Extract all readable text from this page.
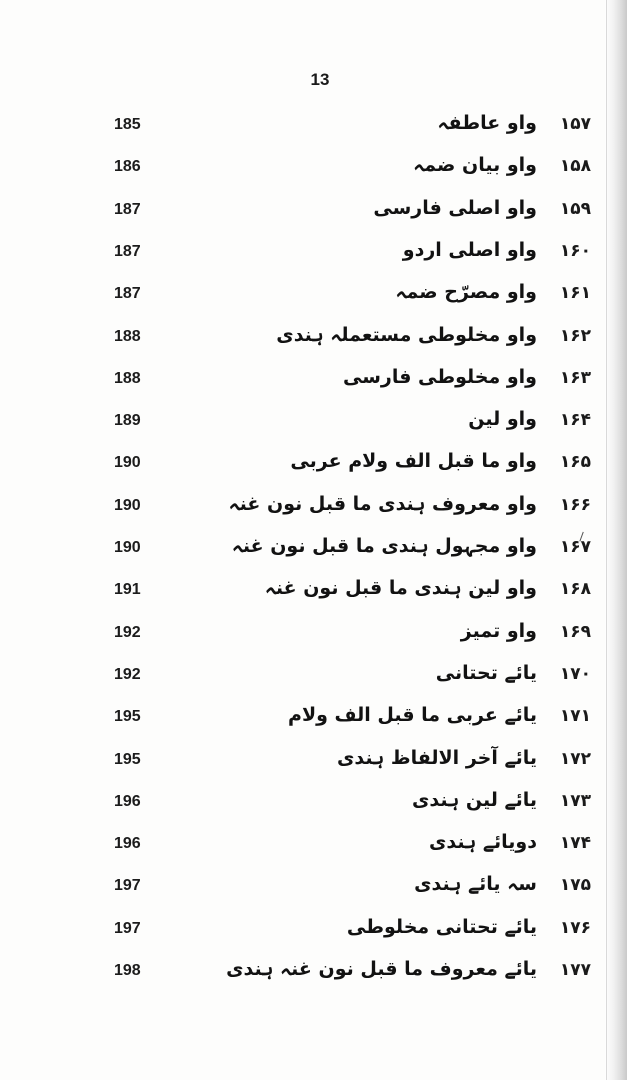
13
185	واو عاطفہ	۱۵۷
186	واو بیان ضمہ	۱۵۸
187	واو اصلی فارسی	۱۵۹
187	واو اصلی اردو	۱۶۰
187	واو مصرّح ضمہ	۱۶۱
188	واو مخلوطی مستعملہ ہندی	۱۶۲
188	واو مخلوطی فارسی	۱۶۳
189	واو لین	۱۶۴
190	واو ما قبل الف ولام عربی	۱۶۵
190	واو معروف ہندی ما قبل نون غنہ	۱۶۶
190	واو مجہول ہندی ما قبل نون غنہ	۱۶۷
191	واو لین ہندی ما قبل نون غنہ	۱۶۸
192	واو تمیز	۱۶۹
192	یائے تحتانی	۱۷۰
195	یائے عربی ما قبل الف ولام	۱۷۱
195	یائے آخر الالفاظ ہندی	۱۷۲
196	یائے لین ہندی	۱۷۳
196	دویائے ہندی	۱۷۴
197	سہ یائے ہندی	۱۷۵
197	یائے تحتانی مخلوطی	۱۷۶
198	یائے معروف ما قبل نون غنہ ہندی	۱۷۷
